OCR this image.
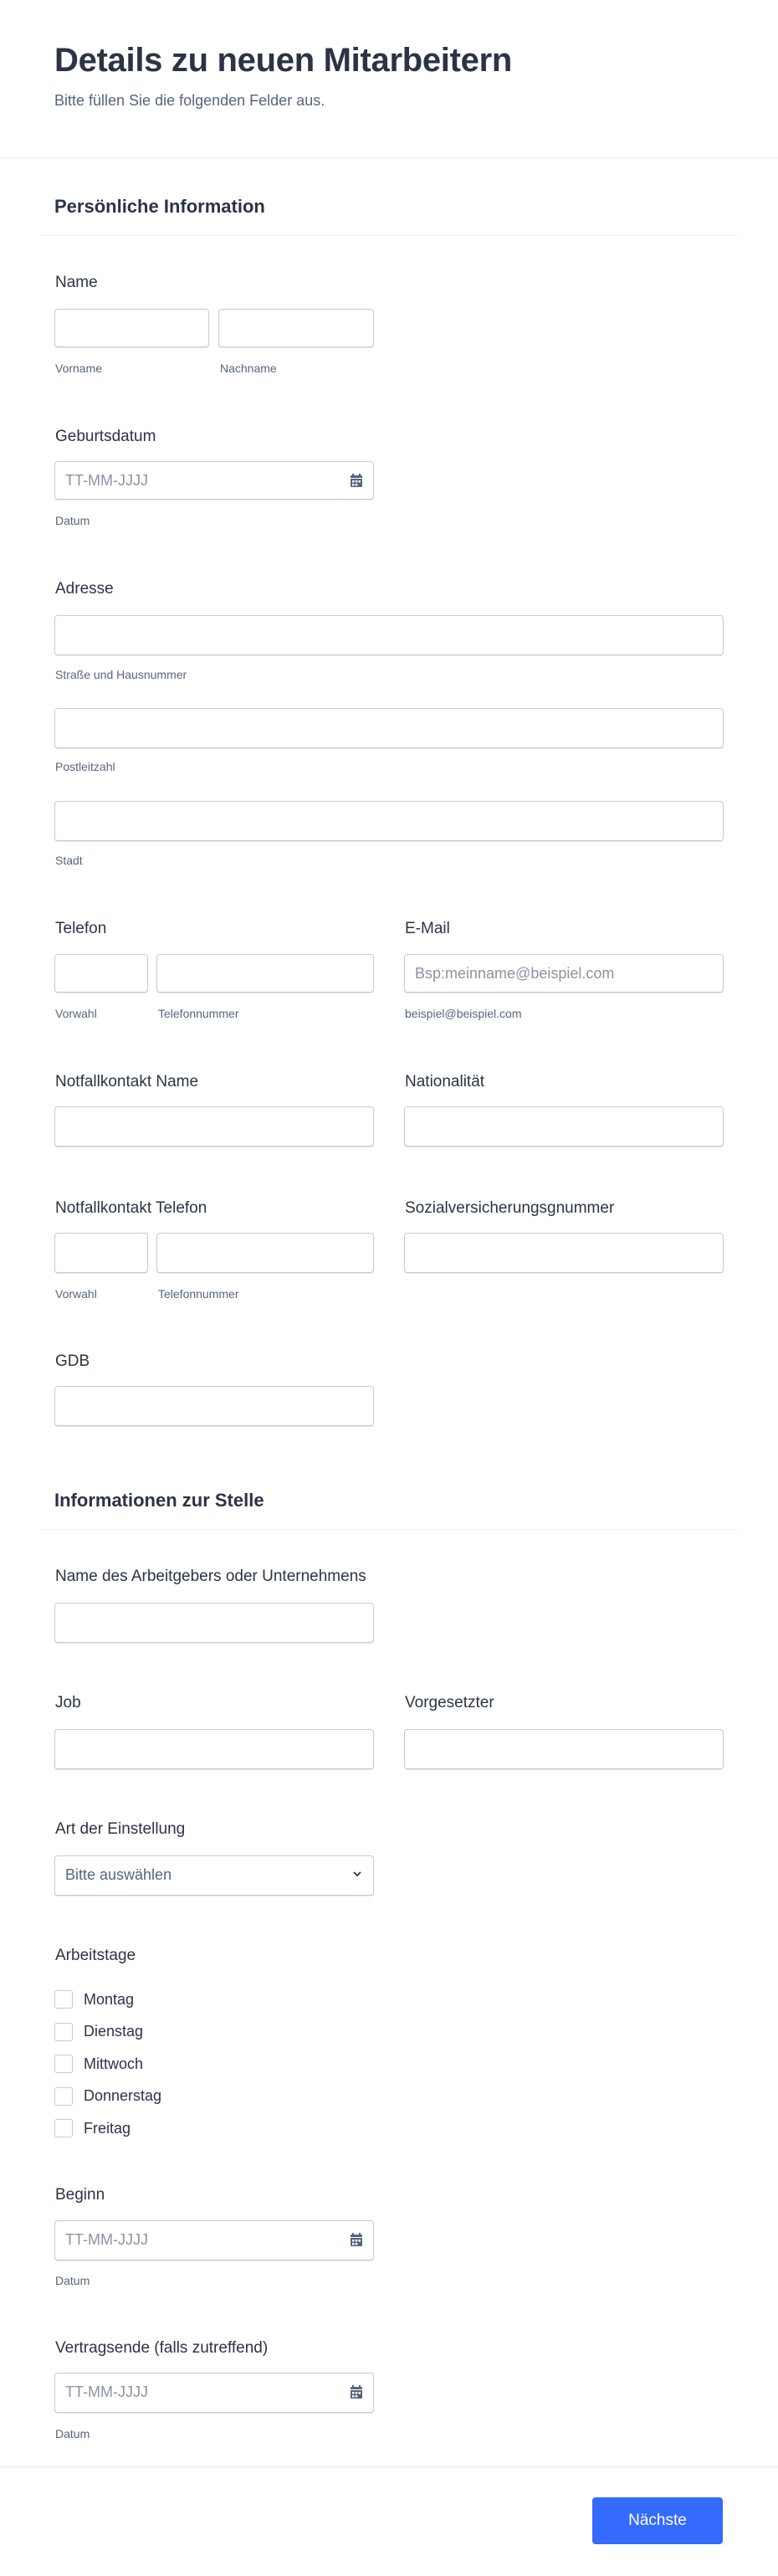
Details zu neuen Mitarbeitern
Bitte füllen Sie die folgenden Felder aus.
Persönliche Information
Name
Vorname	Nachname
Geburtsdatum
TT-MM-JJJJ
Datum
Adresse
Straße und Hausnummer
Postleitzahl
Stadt
Telefon
Vorwahl	Telefonnummer
E-Mail
Bsp:meinname@beispiel.com
beispiel@beispiel.com
Notfallkontakt Name	Nationalität
Notfallkontakt Telefon
Vorwahl	Telefonnummer
Sozialversicherungsgnummer
GDB
Informationen zur Stelle
Name des Arbeitgebers oder Unternehmens
Job	Vorgesetzter
Art der Einstellung
Bitte auswählen
Arbeitstage
Montag
Dienstag
Mittwoch
Donnerstag
Freitag
Beginn
TT-MM-JJJJ
Datum
Vertragsende (falls zutreffend)
TT-MM-JJJJ
Datum
Nächste
